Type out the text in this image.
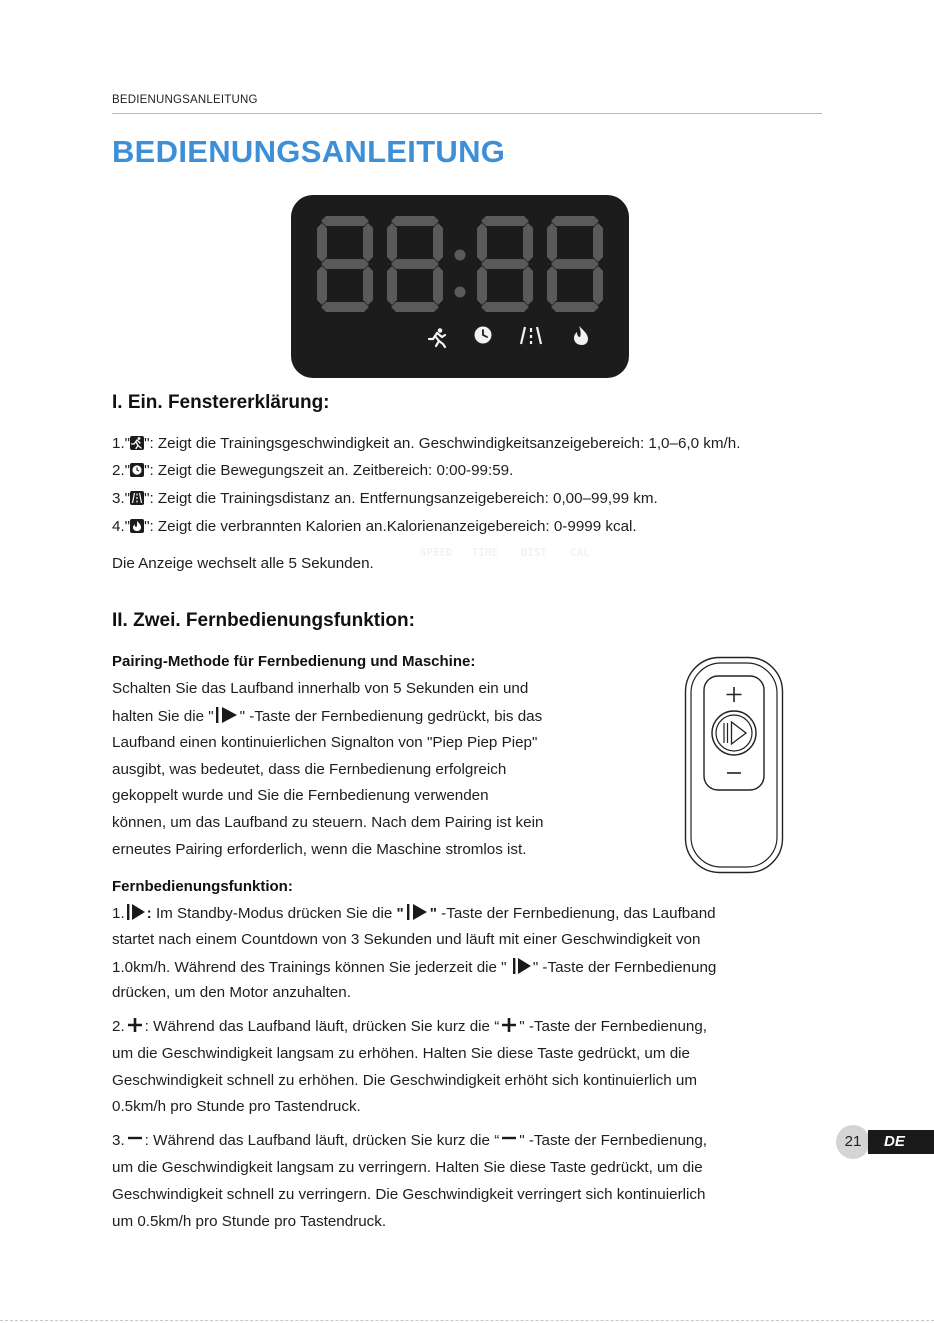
BEDIENUNGSANLEITUNG
BEDIENUNGSANLEITUNG
SPEED TIME DIST CAL
I. Ein. Fenstererklärung:
1." ": Zeigt die Trainingsgeschwindigkeit an. Geschwindigkeitsanzeigebereich: 1,0–6,0 km/h.
2." ": Zeigt die Bewegungszeit an. Zeitbereich: 0:00-99:59.
3." ": Zeigt die Trainingsdistanz an. Entfernungsanzeigebereich: 0,00–99,99 km.
4." ": Zeigt die verbrannten Kalorien an.Kalorienanzeigebereich: 0-9999 kcal.
Die Anzeige wechselt alle 5 Sekunden.
II. Zwei. Fernbedienungsfunktion:
Pairing-Methode für Fernbedienung und Maschine:
Schalten Sie das Laufband innerhalb von 5 Sekunden ein und
halten Sie die " " -Taste der Fernbedienung gedrückt, bis das
Laufband einen kontinuierlichen Signalton von "Piep Piep Piep"
ausgibt, was bedeutet, dass die Fernbedienung erfolgreich
gekoppelt wurde und Sie die Fernbedienung verwenden
können, um das Laufband zu steuern. Nach dem Pairing ist kein
erneutes Pairing erforderlich, wenn die Maschine stromlos ist.
Fernbedienungsfunktion:
1. : Im Standby-Modus drücken Sie die " " -Taste der Fernbedienung, das Laufband
startet nach einem Countdown von 3 Sekunden und läuft mit einer Geschwindigkeit von
1.0km/h. Während des Trainings können Sie jederzeit die " " -Taste der Fernbedienung
drücken, um den Motor anzuhalten.
2. : Während das Laufband läuft, drücken Sie kurz die “ " -Taste der Fernbedienung,
um die Geschwindigkeit langsam zu erhöhen. Halten Sie diese Taste gedrückt, um die
Geschwindigkeit schnell zu erhöhen. Die Geschwindigkeit erhöht sich kontinuierlich um
0.5km/h pro Stunde pro Tastendruck.
3. : Während das Laufband läuft, drücken Sie kurz die “ " -Taste der Fernbedienung,
um die Geschwindigkeit langsam zu verringern. Halten Sie diese Taste gedrückt, um die
Geschwindigkeit schnell zu verringern. Die Geschwindigkeit verringert sich kontinuierlich
um 0.5km/h pro Stunde pro Tastendruck.
21	DE
